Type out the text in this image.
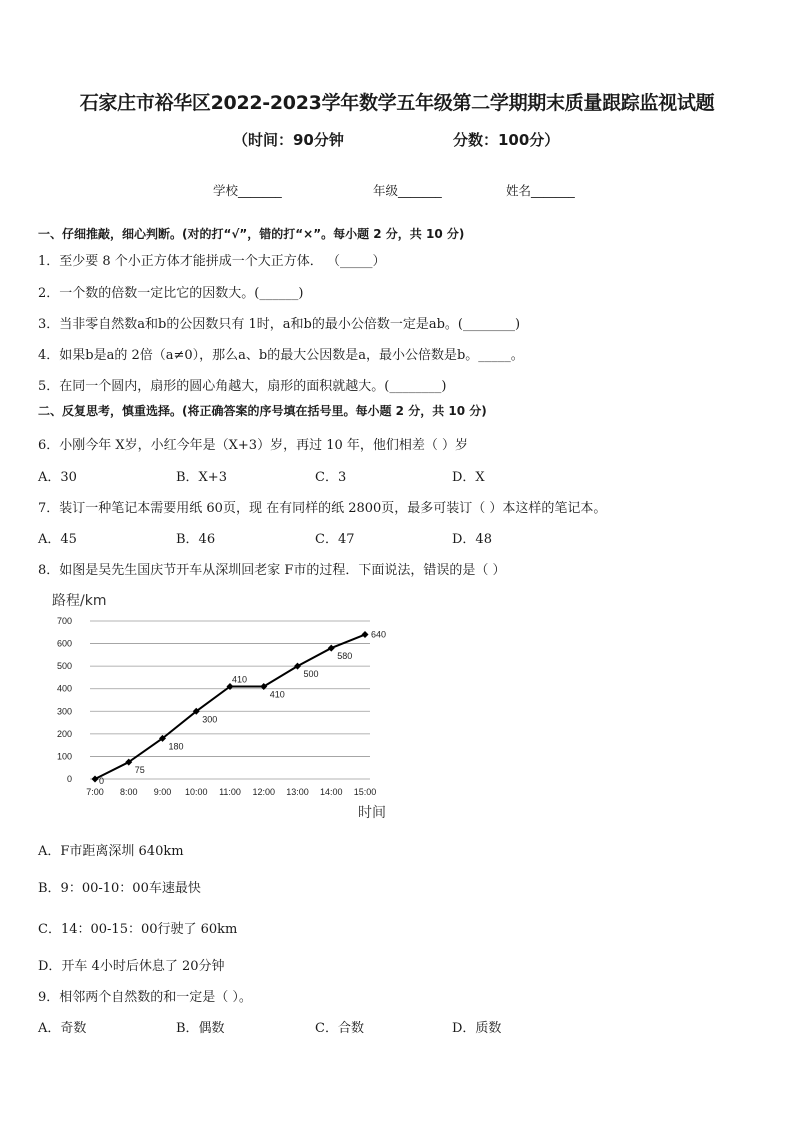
石家庄市裕华区2022-2023学年数学五年级第二学期期末质量跟踪监视试题
（时间：90分钟	分数：100分）
学校_______	年级_______	姓名_______
一、仔细推敲，细心判断。(对的打“√”，错的打“×”。每小题 2 分，共 10 分)
1．至少要 8 个小正方体才能拼成一个大正方体． （_____）
2．一个数的倍数一定比它的因数大。(______)
3．当非零自然数a和b的公因数只有 1时，a和b的最小公倍数一定是ab。(________)
4．如果b是a的 2倍（a≠0），那么a、b的最大公因数是a，最小公倍数是b。_____。
5．在同一个圆内，扇形的圆心角越大，扇形的面积就越大。(________)
二、反复思考，慎重选择。(将正确答案的序号填在括号里。每小题 2 分，共 10 分)
6．小刚今年 X岁，小红今年是（X+3）岁，再过 10 年，他们相差（ ）岁
A．30	B．X+3	C．3	D．X
7．装订一种笔记本需要用纸 60页，现 在有同样的纸 2800页，最多可装订（ ）本这样的笔记本。
A．45	B．46	C．47	D．48
8．如图是吴先生国庆节开车从深圳回老家 F市的过程．下面说法，错误的是（ ）
路程/km
0
100
200
300
400
500
600
700
7:00 8:00 9:00 10:00 11:00 12:00 13:00 14:00 15:00
时间
0
75
180
300
410
410
500
580
640
A．F市距离深圳 640km
B．9：00-10：00车速最快
C．14：00-15：00行驶了 60km
D．开车 4小时后休息了 20分钟
9．相邻两个自然数的和一定是（ ）。
A．奇数	B．偶数	C．合数	D．质数
